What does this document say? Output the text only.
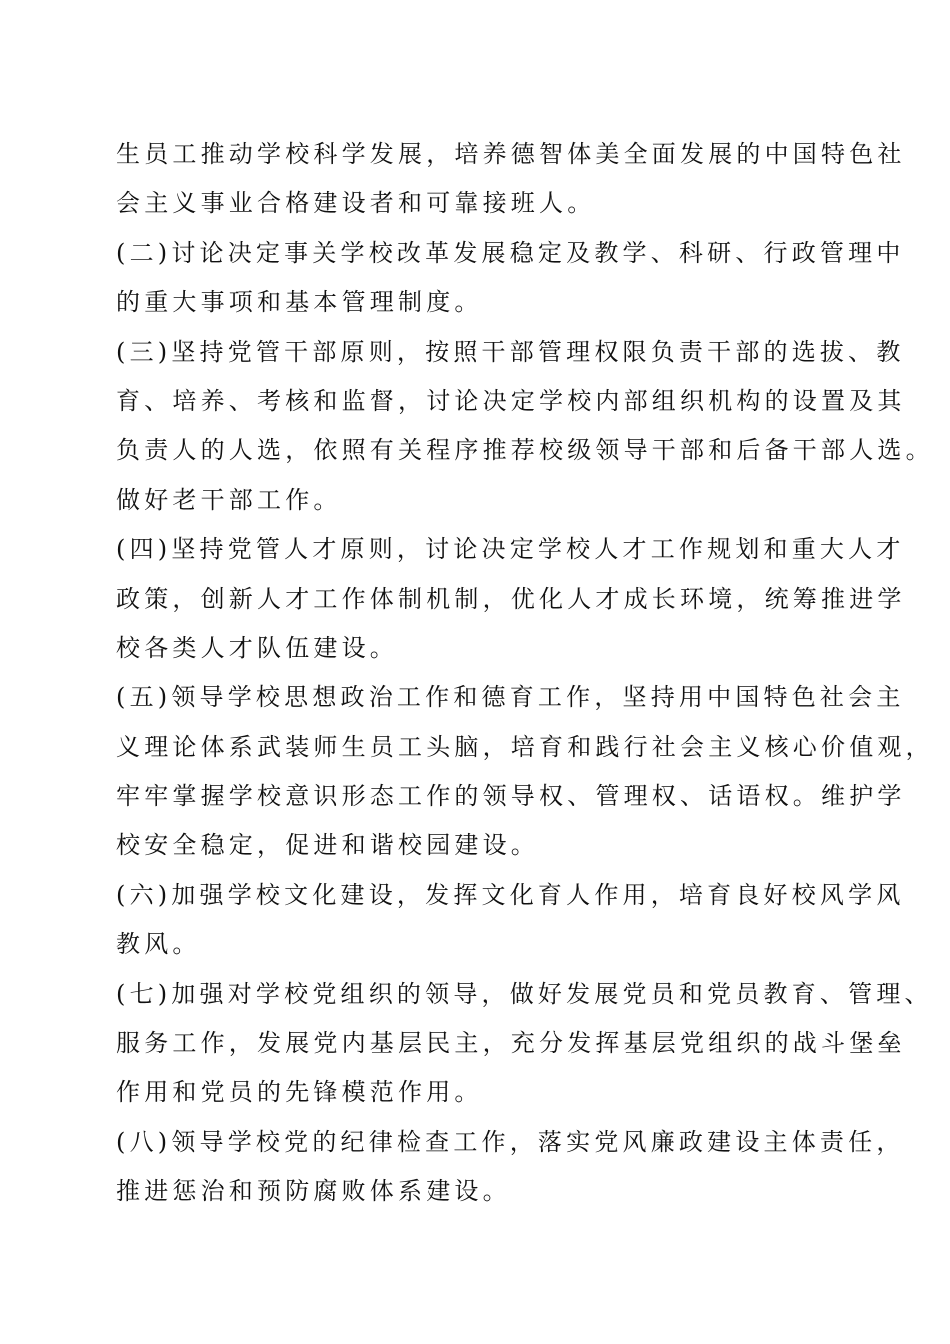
生员工推动学校科学发展，培养德智体美全面发展的中国特色社
会主义事业合格建设者和可靠接班人。
(二)讨论决定事关学校改革发展稳定及教学、科研、行政管理中
的重大事项和基本管理制度。
(三)坚持党管干部原则，按照干部管理权限负责干部的选拔、教
育、培养、考核和监督，讨论决定学校内部组织机构的设置及其
负责人的人选，依照有关程序推荐校级领导干部和后备干部人选。
做好老干部工作。
(四)坚持党管人才原则，讨论决定学校人才工作规划和重大人才
政策，创新人才工作体制机制，优化人才成长环境，统筹推进学
校各类人才队伍建设。
(五)领导学校思想政治工作和德育工作，坚持用中国特色社会主
义理论体系武装师生员工头脑，培育和践行社会主义核心价值观，
牢牢掌握学校意识形态工作的领导权、管理权、话语权。维护学
校安全稳定，促进和谐校园建设。
(六)加强学校文化建设，发挥文化育人作用，培育良好校风学风
教风。
(七)加强对学校党组织的领导，做好发展党员和党员教育、管理、
服务工作，发展党内基层民主，充分发挥基层党组织的战斗堡垒
作用和党员的先锋模范作用。
(八)领导学校党的纪律检查工作，落实党风廉政建设主体责任，
推进惩治和预防腐败体系建设。
